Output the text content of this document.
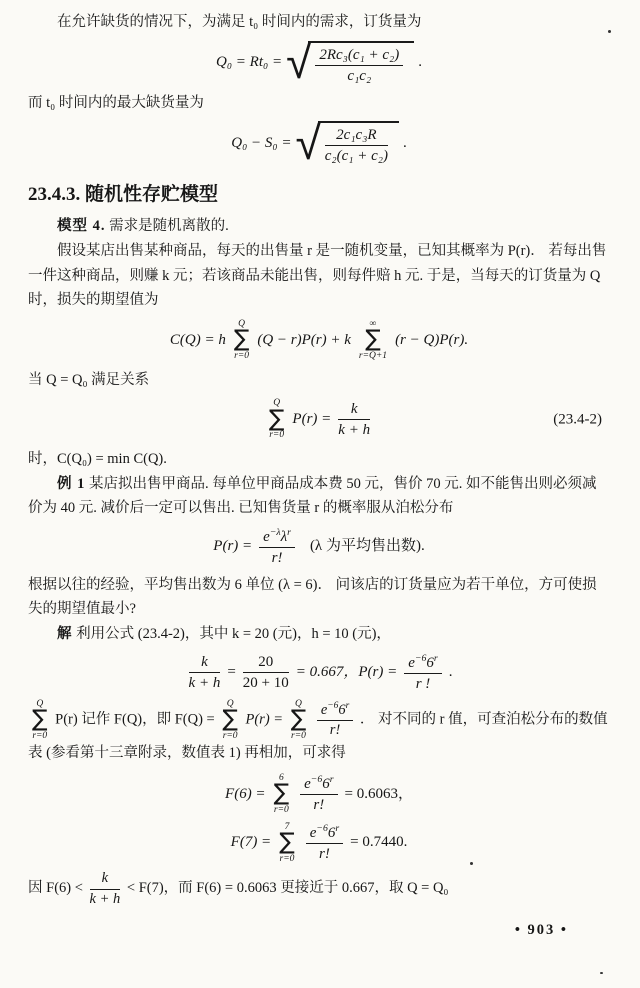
在允许缺货的情况下，为满足 t₀ 时间内的需求，订货量为

Q₀ = Rt₀ = √ $\frac{\text{2Rc₃(c₁ + c₂)}}{\text{c₁c₂}}$ .

而 t₀ 时间内的最大缺货量为

Q₀ − S₀ = √ $\frac{\text{2c₁c₃R}}{\text{c₂(c₁ + c₂)}}$ .
23.4.3. 随机性存贮模型

模型 4. 需求是随机离散的.

假设某店出售某种商品，每天的出售量 r 是一随机变量，已知其概率为 P(r)． 若每出售一件这种商品，则赚 k 元；若该商品未能出售，则每件赔 h 元. 于是，当每天的订货量为 Q 时，损失的期望值为

C(Q) = h
Q
∑
r=0
(Q − r)P(r) + k
∞
∑
r=Q+1
(r − Q)P(r).

当 Q = Q₀ 满足关系

Q
∑
r=0
$P(r) = \frac{k}{k + h}$	(23.4-2)

时，C(Q₀) = min C(Q).

例 1 某店拟出售甲商品. 每单位甲商品成本费 50 元，售价 70 元. 如不能售出则必须减价为 40 元. 减价后一定可以售出. 已知售货量 r 的概率服从泊松分布

$P(r) = \frac{e^{-\lambda}\lambda^r}{r!} (\lambda$ 为平均售出数).

根据以往的经验，平均售出数为 6 单位 (λ = 6)． 问该店的订货量应为若干单位，方可使损失的期望值最小?

解 利用公式 (23.4-2)，其中 k = 20 (元)，h = 10 (元)，

$\frac{k}{k + h} = \frac{20}{20 + 10} = 0.667$，$P(r) = \frac{e^{-6}6^r}{r !}$ .

Q
∑
r=0
P(r) 记作 F(Q)，即 F(Q) =
Q
∑
r=0
P(r) =
Q
∑
r=0
$\frac{e^{-6}6^r}{r!}$ ． 对不同的 r 值，可查泊松分布的数值表 (参看第十三章附录，数值表 1) 再相加，可求得

F(6) =
6
∑
$r=0 \frac{e^{-6}6^r}{r!} = 0.6063$，
F(7) =
7
∑
$r=0 \frac{e^{-6}6^r}{r!} = 0.7440$.

因 $F(6) < \frac{k}{k + h} < F(7)$，而 F(6) = 0.6063 更接近于 0.667，取 Q = Q₀

• 903 •
